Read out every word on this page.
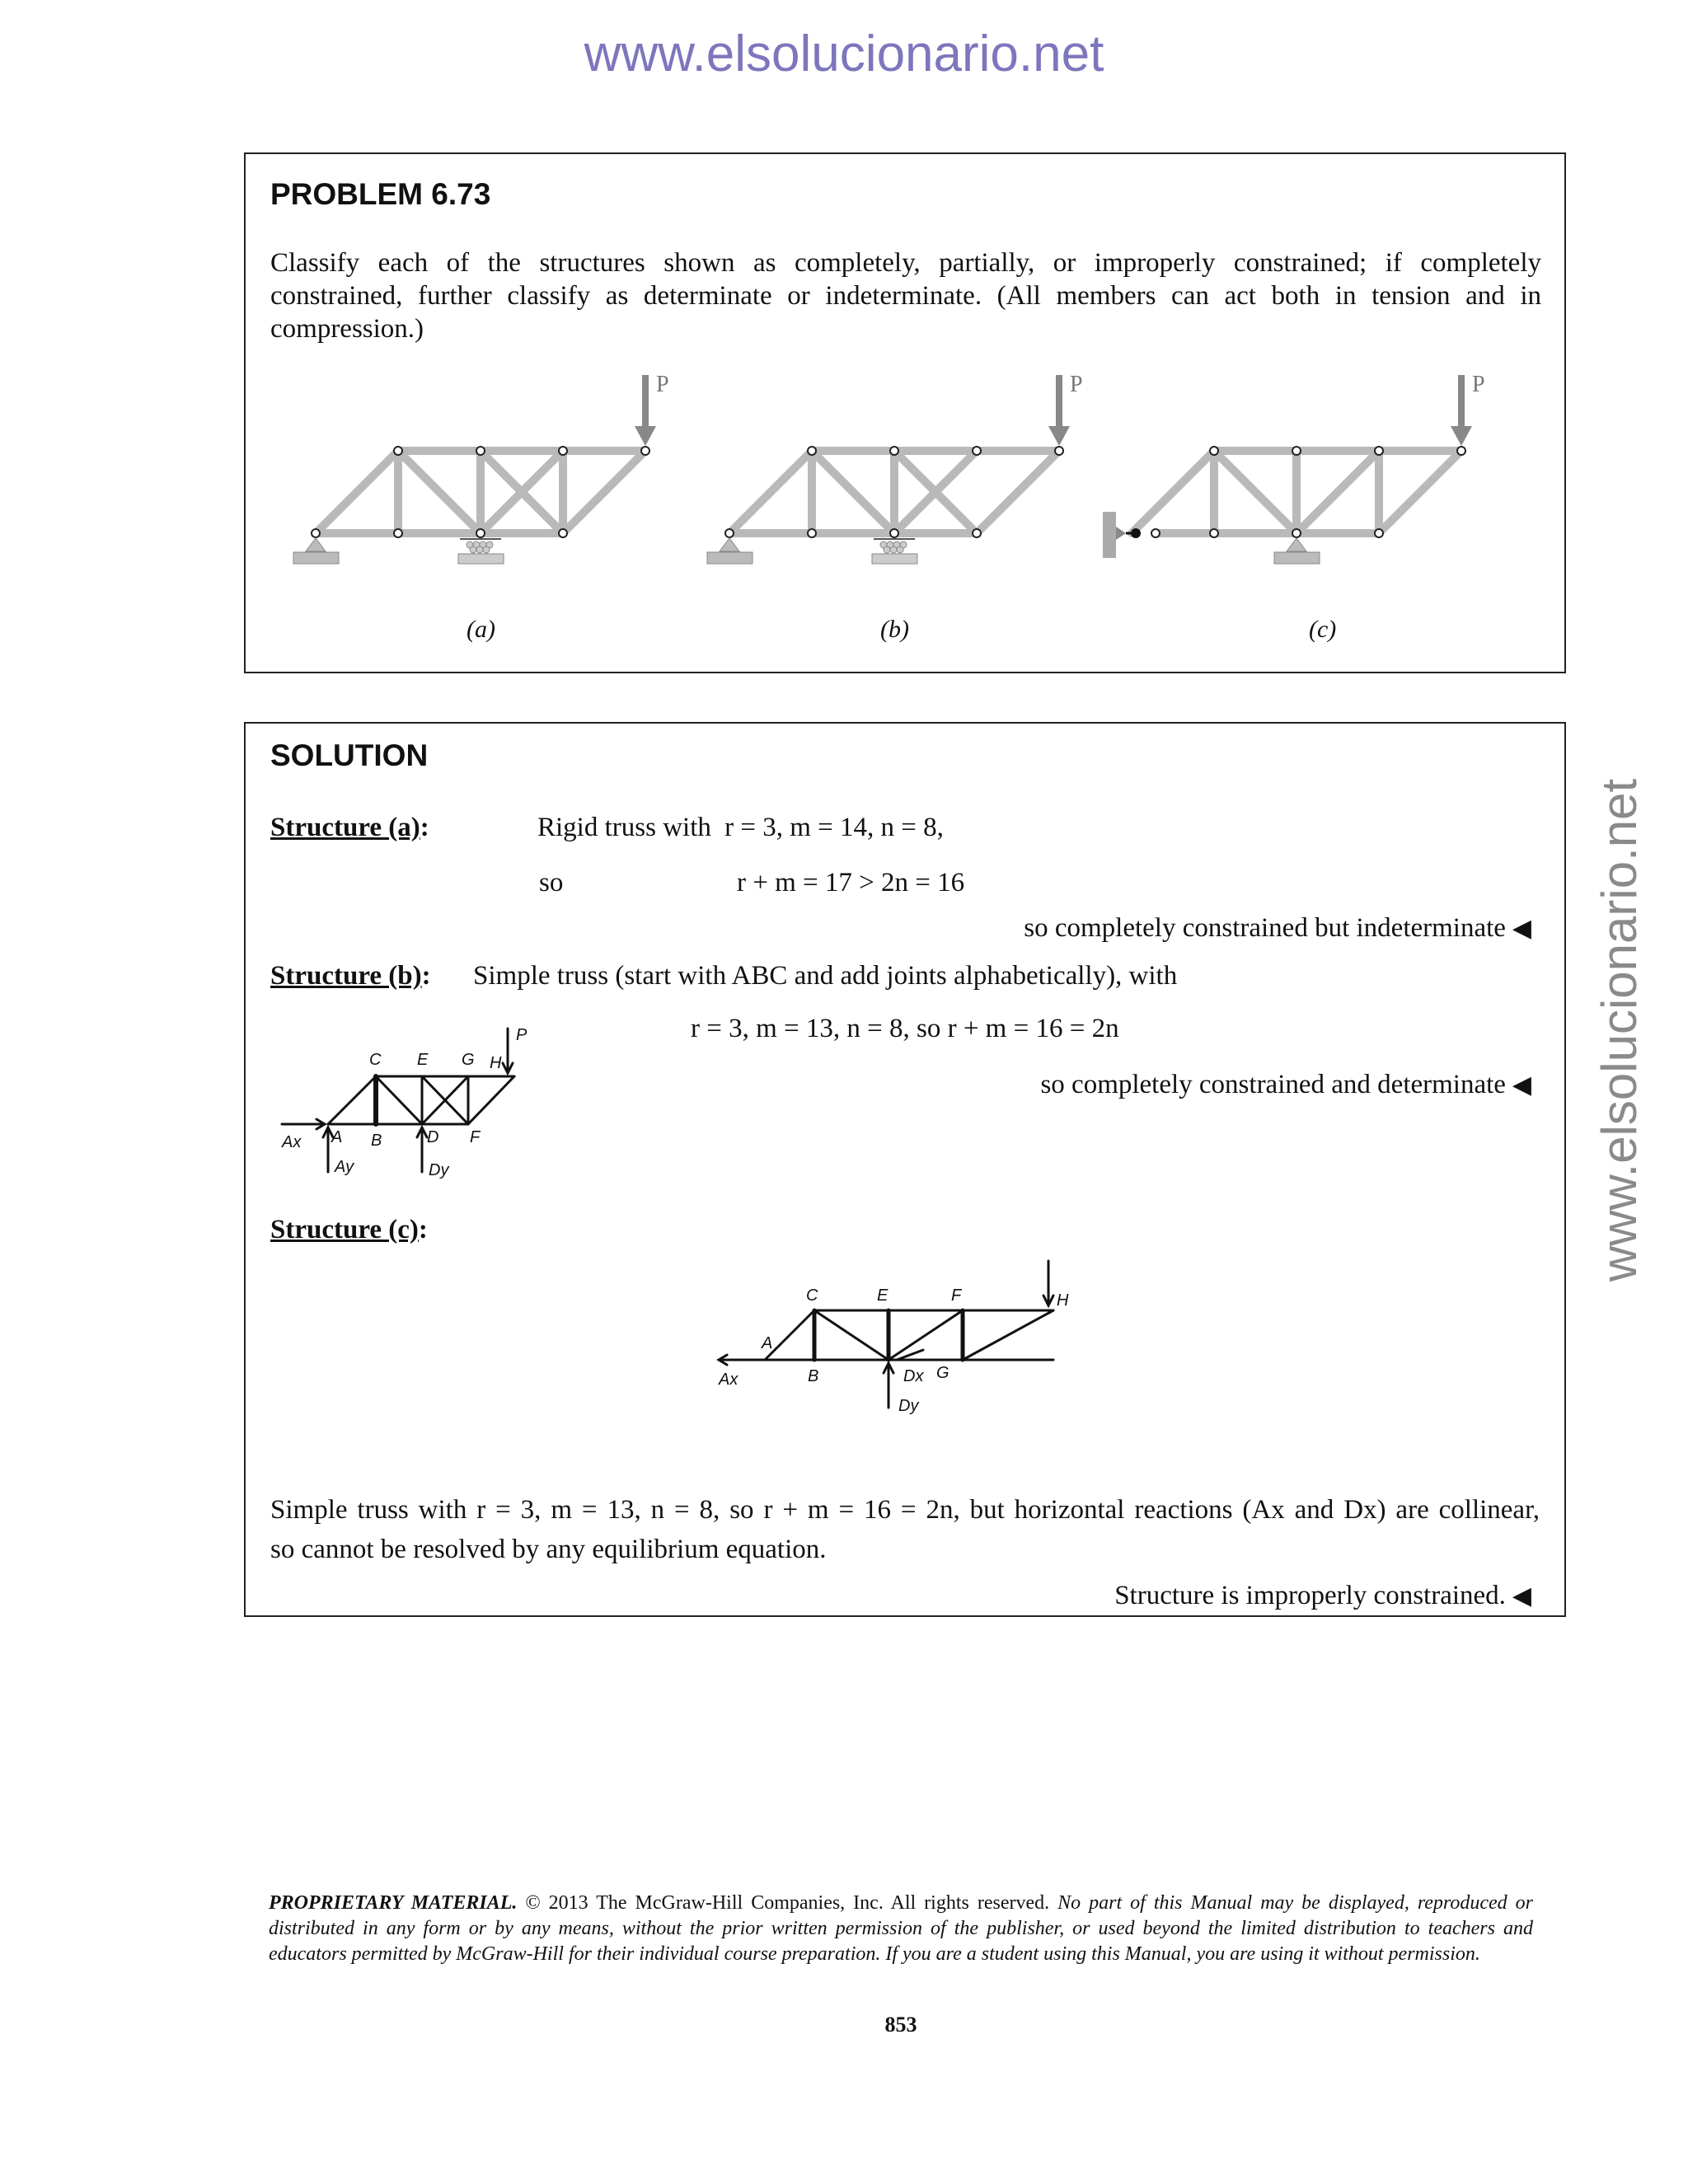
www.elsolucionario.net
www.elsolucionario.net
PROBLEM 6.73
Classify each of the structures shown as completely, partially, or improperly constrained; if completely
constrained, further classify as determinate or indeterminate. (All members can act both in tension and in
compression.)
P
(a)
P
(b)
P
(c)
SOLUTION
Structure (a):	Rigid truss with r = 3, m = 14, n = 8,
so	r + m = 17 > 2n = 16
so completely constrained but indeterminate ◀
Structure (b): Simple truss (start with ABC and add joints alphabetically), with
r = 3, m = 13, n = 8, so r + m = 16 = 2n
so completely constrained and determinate ◀
C E G H
P
A B	D F
Ax
Ay	Dy
Structure (c):
C	E	F	H
A
B	Dx G
Ax
Dy
Simple truss with r = 3, m = 13, n = 8, so r + m = 16 = 2n, but horizontal reactions (Ax and Dx) are collinear,
so cannot be resolved by any equilibrium equation.
Structure is improperly constrained. ◀
PROPRIETARY MATERIAL. © 2013 The McGraw-Hill Companies, Inc. All rights reserved. No part of this Manual may be displayed, reproduced or distributed in any form or by any means, without the prior written permission of the publisher, or used beyond the limited distribution to teachers and educators permitted by McGraw-Hill for their individual course preparation. If you are a student using this Manual, you are using it without permission.
853
